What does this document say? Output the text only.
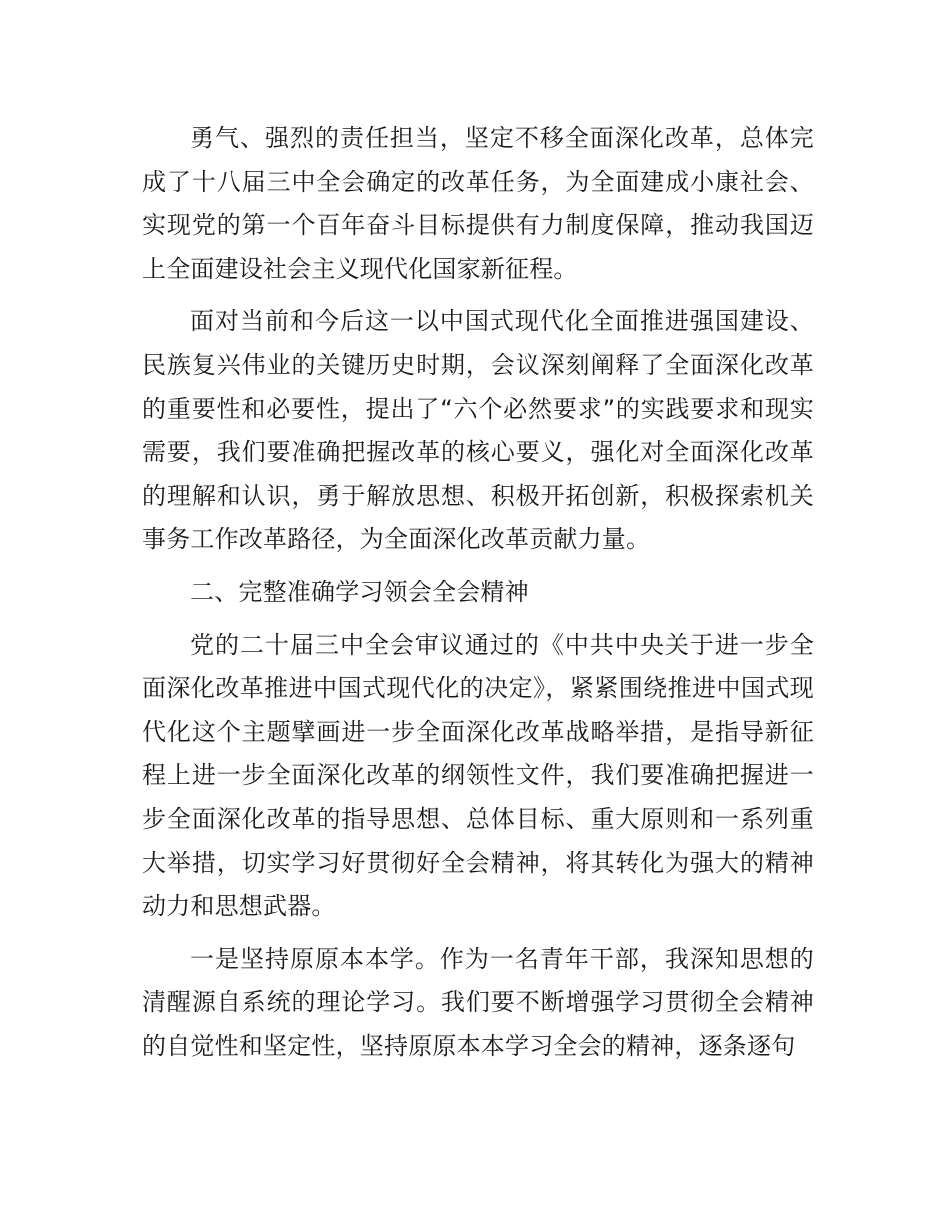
勇气、强烈的责任担当，坚定不移全面深化改革，总体完成了十八届三中全会确定的改革任务，为全面建成小康社会、实现党的第一个百年奋斗目标提供有力制度保障，推动我国迈上全面建设社会主义现代化国家新征程。

面对当前和今后这一以中国式现代化全面推进强国建设、民族复兴伟业的关键历史时期，会议深刻阐释了全面深化改革的重要性和必要性，提出了“六个必然要求”的实践要求和现实需要，我们要准确把握改革的核心要义，强化对全面深化改革的理解和认识，勇于解放思想、积极开拓创新，积极探索机关事务工作改革路径，为全面深化改革贡献力量。

二、完整准确学习领会全会精神

党的二十届三中全会审议通过的《中共中央关于进一步全面深化改革推进中国式现代化的决定》，紧紧围绕推进中国式现代化这个主题擘画进一步全面深化改革战略举措，是指导新征程上进一步全面深化改革的纲领性文件，我们要准确把握进一步全面深化改革的指导思想、总体目标、重大原则和一系列重大举措，切实学习好贯彻好全会精神，将其转化为强大的精神动力和思想武器。

一是坚持原原本本学。作为一名青年干部，我深知思想的清醒源自系统的理论学习。我们要不断增强学习贯彻全会精神的自觉性和坚定性，坚持原原本本学习全会的精神，逐条逐句
